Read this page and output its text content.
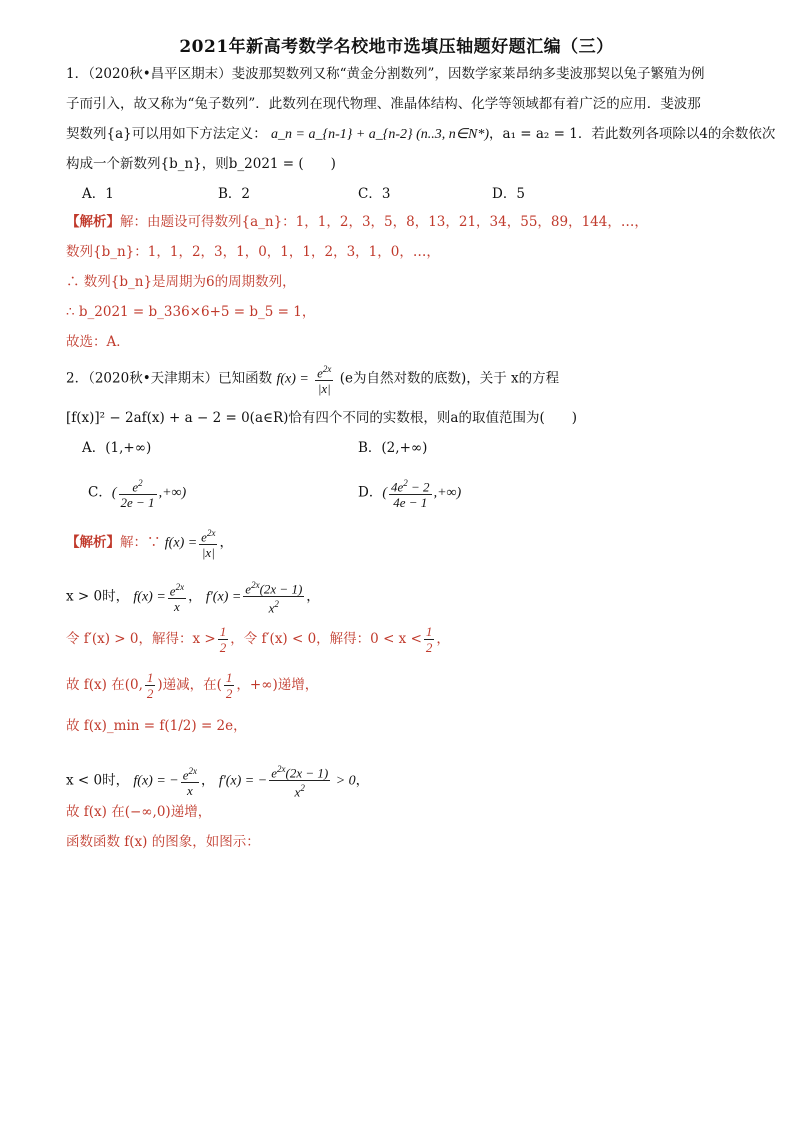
2021年新高考数学名校地市选填压轴题好题汇编（三）
1．（2020秋•昌平区期末）斐波那契数列又称“黄金分割数列”，因数学家莱昂纳多斐波那契以兔子繁殖为例
子而引入，故又称为“兔子数列”．此数列在现代物理、准晶体结构、化学等领域都有着广泛的应用．斐波那
契数列{a}可以用如下方法定义： a_n = a_{n-1} + a_{n-2} (n..3, n∈N*)，a₁ = a₂ = 1．若此数列各项除以4的余数依次
构成一个新数列{b_n}，则b_2021 = (　　)
A．1	B．2	C．3	D．5
【解析】解：由题设可得数列{a_n}：1，1，2，3，5，8，13，21，34，55，89，144，…，
数列{b_n}：1，1，2，3，1，0，1，1，2，3，1，0，…，
∴ 数列{b_n}是周期为6的周期数列，
∴ b_2021 = b_336×6+5 = b_5 = 1，
故选：A．
2．（2020秋•天津期末）已知函数 $f(x) = \frac{e^{2x}}{|x|} (e$为自然对数的底数)，关于 x的方程
[f(x)]² − 2af(x) + a − 2 = 0(a∈R)恰有四个不同的实数根，则a的取值范围为(　　)
A．(1,+∞)	B．(2,+∞)
C．( $\frac{e^2}{2e - 1}$ ,+∞)	D．( $\frac{4e^2 - 2}{4e - 1}$ ,+∞)
【解析】解：∵ $f(x) = \frac{e^{2x}}{|x|}$ ，
x > 0时， $f(x) = \frac{e^{2x}}{x}$ ， $f'(x) = \frac{e^{2x}(2x - 1)}{x^2}$ ，
令 f′(x) > 0，解得：$x > \frac{1}{2}$ ，令 f′(x) < 0，解得：$0 < x < \frac{1}{2}$ ，
故 f(x) 在(0, $\frac{1}{2}$ )递减，在( $\frac{1}{2}$ ，+∞)递增，
故 f(x)_min = f(1/2) = 2e，
x < 0时， f(x) = − $\frac{e^{2x}}{x}$ ， f′(x) = − $\frac{e^{2x}(2x - 1)}{x^2} > 0$，
故 f(x) 在(−∞,0)递增，
函数函数 f(x) 的图象，如图示：
